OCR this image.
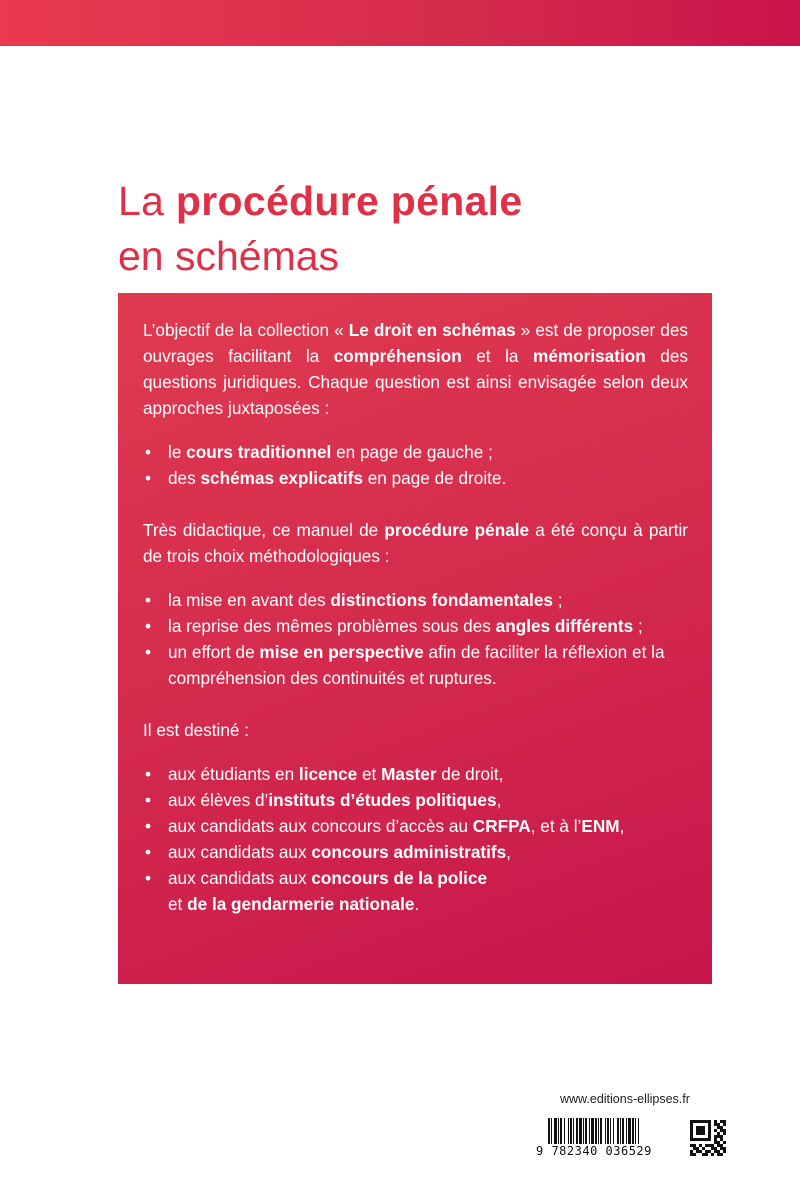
La procédure pénale
en schémas

L’objectif de la collection « Le droit en schémas » est de proposer des ouvrages facilitant la compréhension et la mémorisation des questions juridiques. Chaque question est ainsi envisagée selon deux approches juxtaposées :

• le cours traditionnel en page de gauche ;
• des schémas explicatifs en page de droite.

Très didactique, ce manuel de procédure pénale a été conçu à partir de trois choix méthodologiques :

• la mise en avant des distinctions fondamentales ;
• la reprise des mêmes problèmes sous des angles différents ;
• un effort de mise en perspective afin de faciliter la réflexion et la compréhension des continuités et ruptures.

Il est destiné :

• aux étudiants en licence et Master de droit,
• aux élèves d’instituts d’études politiques,
• aux candidats aux concours d’accès au CRFPA, et à l’ENM,
• aux candidats aux concours administratifs,
• aux candidats aux concours de la police
et de la gendarmerie nationale.
www.editions-ellipses.fr
9 782340 036529
